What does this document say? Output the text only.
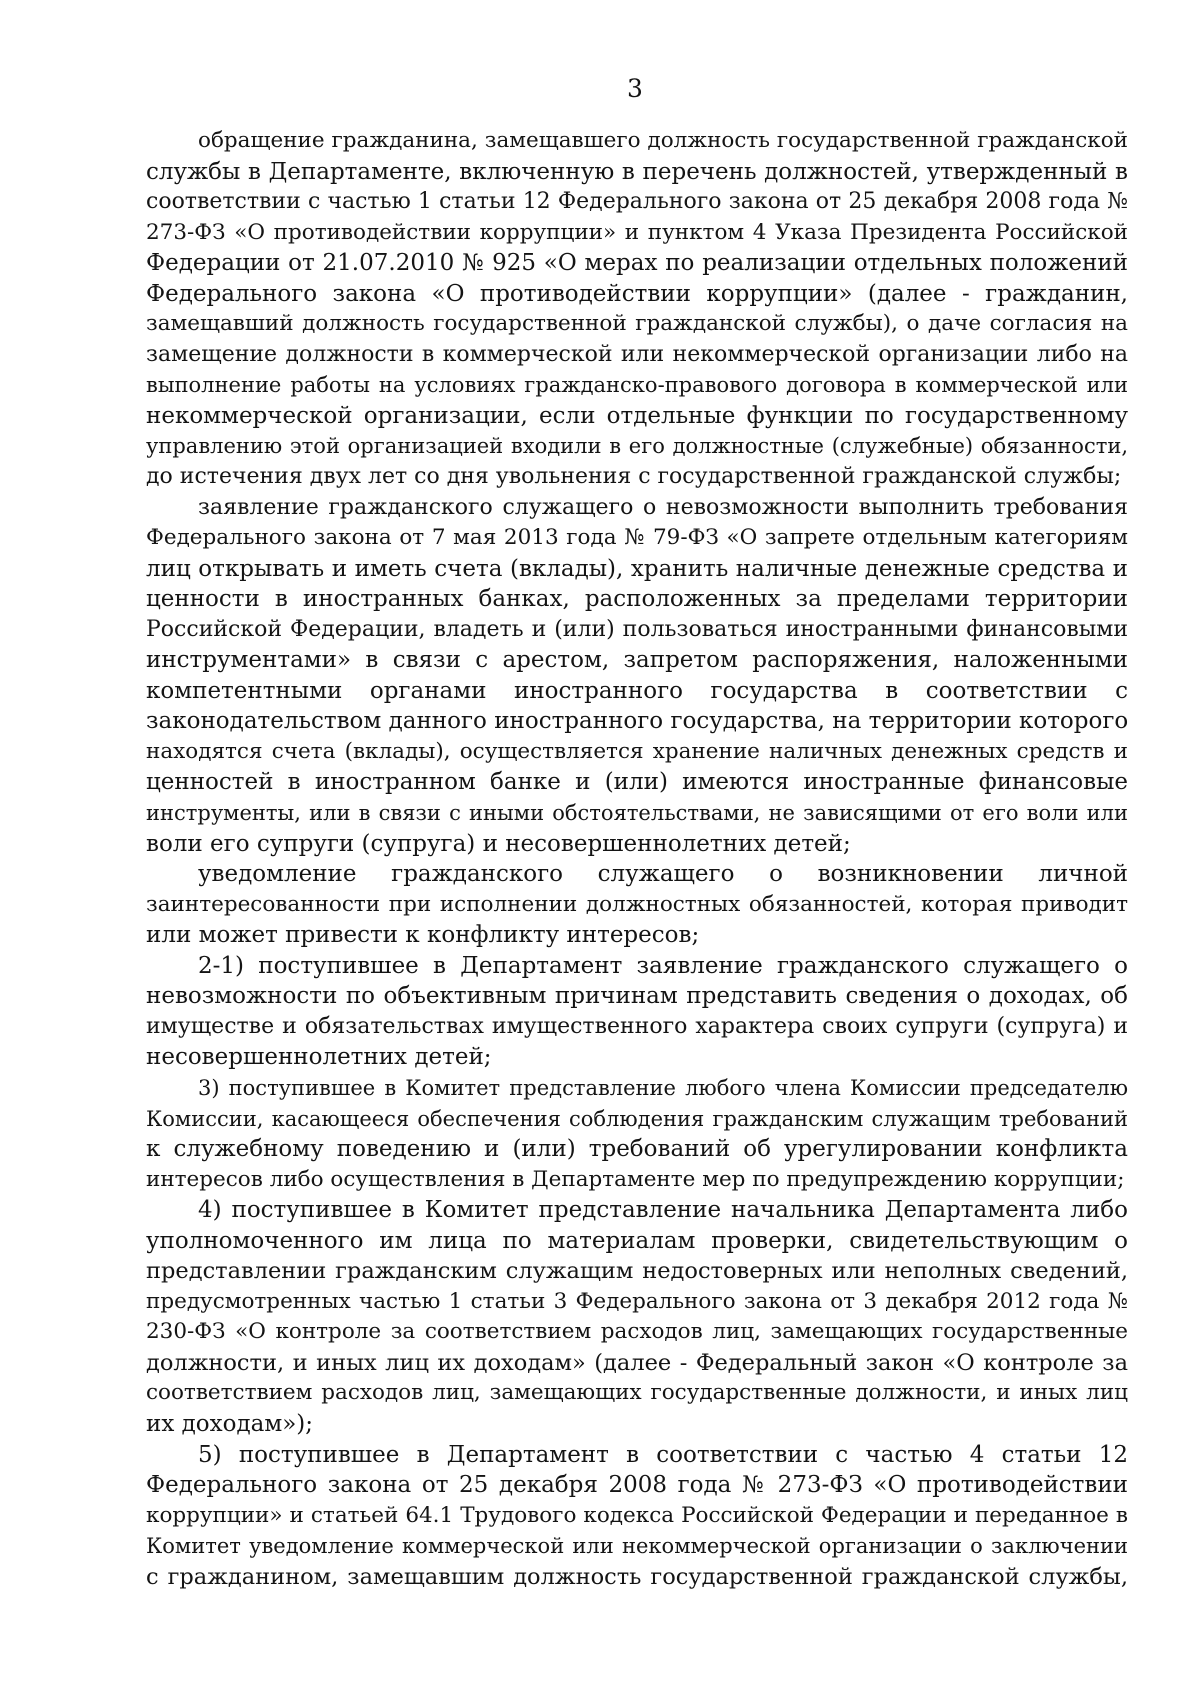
3
обращение гражданина, замещавшего должность государственной гражданской
службы в Департаменте, включенную в перечень должностей, утвержденный в
соответствии с частью 1 статьи 12 Федерального закона от 25 декабря 2008 года №
273-ФЗ «О противодействии коррупции» и пунктом 4 Указа Президента Российской
Федерации от 21.07.2010 № 925 «О мерах по реализации отдельных положений
Федерального закона «О противодействии коррупции» (далее - гражданин,
замещавший должность государственной гражданской службы), о даче согласия на
замещение должности в коммерческой или некоммерческой организации либо на
выполнение работы на условиях гражданско-правового договора в коммерческой или
некоммерческой организации, если отдельные функции по государственному
управлению этой организацией входили в его должностные (служебные) обязанности,
до истечения двух лет со дня увольнения с государственной гражданской службы;
заявление гражданского служащего о невозможности выполнить требования
Федерального закона от 7 мая 2013 года № 79-ФЗ «О запрете отдельным категориям
лиц открывать и иметь счета (вклады), хранить наличные денежные средства и
ценности в иностранных банках, расположенных за пределами территории
Российской Федерации, владеть и (или) пользоваться иностранными финансовыми
инструментами» в связи с арестом, запретом распоряжения, наложенными
компетентными органами иностранного государства в соответствии с
законодательством данного иностранного государства, на территории которого
находятся счета (вклады), осуществляется хранение наличных денежных средств и
ценностей в иностранном банке и (или) имеются иностранные финансовые
инструменты, или в связи с иными обстоятельствами, не зависящими от его воли или
воли его супруги (супруга) и несовершеннолетних детей;
уведомление гражданского служащего о возникновении личной
заинтересованности при исполнении должностных обязанностей, которая приводит
или может привести к конфликту интересов;
2-1) поступившее в Департамент заявление гражданского служащего о
невозможности по объективным причинам представить сведения о доходах, об
имуществе и обязательствах имущественного характера своих супруги (супруга) и
несовершеннолетних детей;
3) поступившее в Комитет представление любого члена Комиссии председателю
Комиссии, касающееся обеспечения соблюдения гражданским служащим требований
к служебному поведению и (или) требований об урегулировании конфликта
интересов либо осуществления в Департаменте мер по предупреждению коррупции;
4) поступившее в Комитет представление начальника Департамента либо
уполномоченного им лица по материалам проверки, свидетельствующим о
представлении гражданским служащим недостоверных или неполных сведений,
предусмотренных частью 1 статьи 3 Федерального закона от 3 декабря 2012 года №
230-ФЗ «О контроле за соответствием расходов лиц, замещающих государственные
должности, и иных лиц их доходам» (далее - Федеральный закон «О контроле за
соответствием расходов лиц, замещающих государственные должности, и иных лиц
их доходам»);
5) поступившее в Департамент в соответствии с частью 4 статьи 12
Федерального закона от 25 декабря 2008 года № 273-ФЗ «О противодействии
коррупции» и статьей 64.1 Трудового кодекса Российской Федерации и переданное в
Комитет уведомление коммерческой или некоммерческой организации о заключении
с гражданином, замещавшим должность государственной гражданской службы,
